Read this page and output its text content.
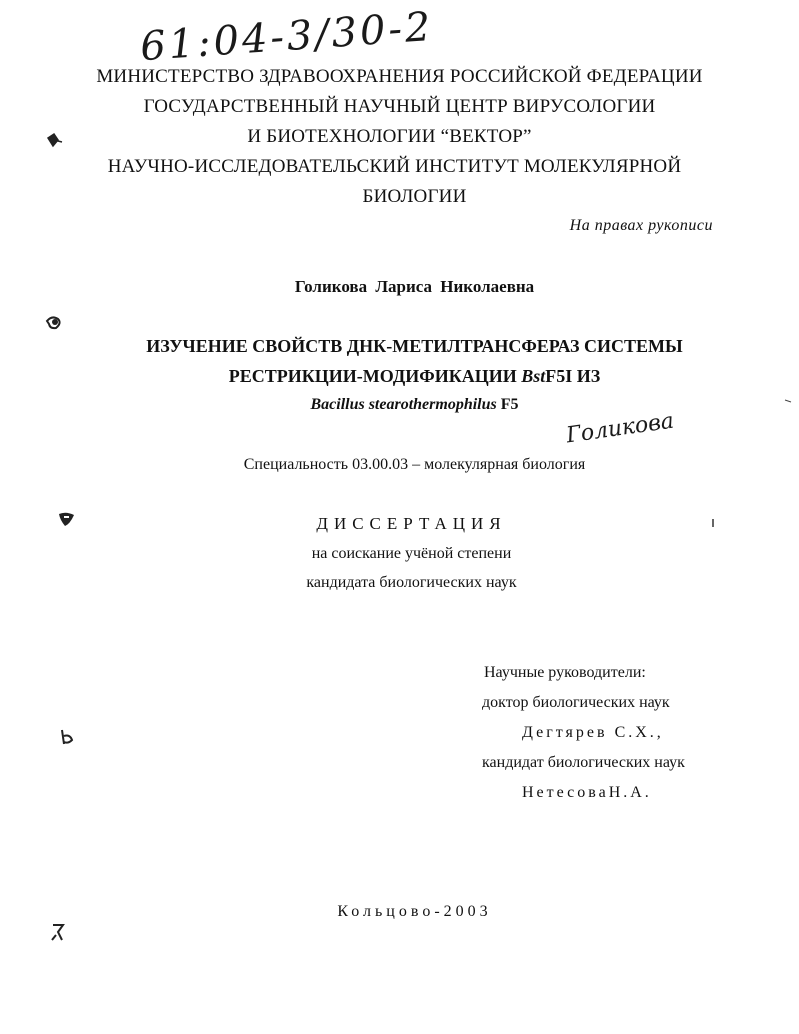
61:04-3/30-2
МИНИСТЕРСТВО ЗДРАВООХРАНЕНИЯ РОССИЙСКОЙ ФЕДЕРАЦИИ
ГОСУДАРСТВЕННЫЙ НАУЧНЫЙ ЦЕНТР ВИРУСОЛОГИИ
И БИОТЕХНОЛОГИИ “ВЕКТОР”
НАУЧНО-ИССЛЕДОВАТЕЛЬСКИЙ ИНСТИТУТ МОЛЕКУЛЯРНОЙ
БИОЛОГИИ
На правах рукописи
Голикова Лариса Николаевна
ИЗУЧЕНИЕ СВОЙСТВ ДНК-МЕТИЛТРАНСФЕРАЗ СИСТЕМЫ
РЕСТРИКЦИИ-МОДИФИКАЦИИ BstF5I ИЗ
Bacillus stearothermophilus F5
Голикова
Специальность 03.00.03 – молекулярная биология
ДИССЕРТАЦИЯ
на соискание учёной степени
кандидата биологических наук
Научные руководители:
доктор биологических наук
Дегтярев С.Х.,
кандидат биологических наук
НетесоваН.А.
Кольцово-2003
